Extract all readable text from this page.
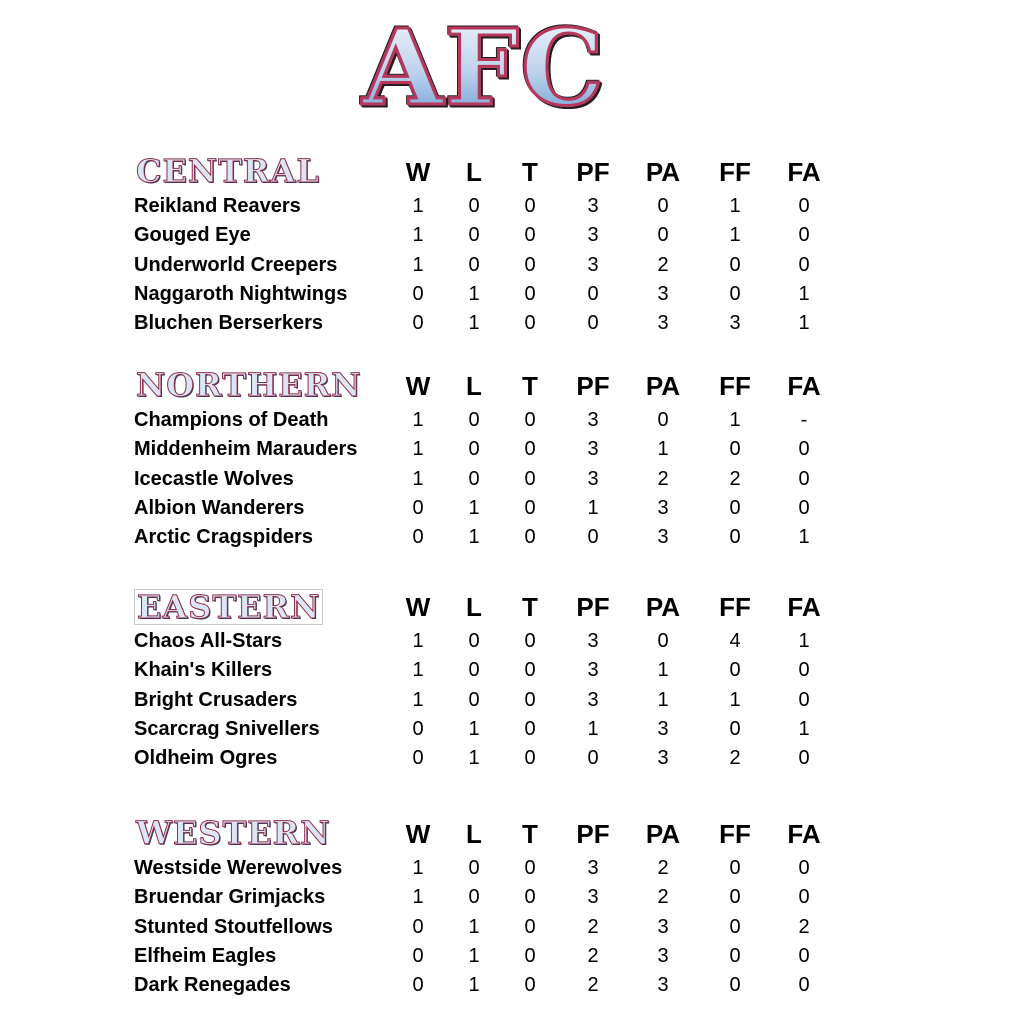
AFC
CENTRAL	W	L	T	PF	PA	FF	FA
Reikland Reavers	1	0	0	3	0	1	0
Gouged Eye	1	0	0	3	0	1	0
Underworld Creepers	1	0	0	3	2	0	0
Naggaroth Nightwings	0	1	0	0	3	0	1
Bluchen Berserkers	0	1	0	0	3	3	1
NORTHERN	W	L	T	PF	PA	FF	FA
Champions of Death	1	0	0	3	0	1	-
Middenheim Marauders	1	0	0	3	1	0	0
Icecastle Wolves	1	0	0	3	2	2	0
Albion Wanderers	0	1	0	1	3	0	0
Arctic Cragspiders	0	1	0	0	3	0	1
EASTERN	W	L	T	PF	PA	FF	FA
Chaos All-Stars	1	0	0	3	0	4	1
Khain's Killers	1	0	0	3	1	0	0
Bright Crusaders	1	0	0	3	1	1	0
Scarcrag Snivellers	0	1	0	1	3	0	1
Oldheim Ogres	0	1	0	0	3	2	0
WESTERN	W	L	T	PF	PA	FF	FA
Westside Werewolves	1	0	0	3	2	0	0
Bruendar Grimjacks	1	0	0	3	2	0	0
Stunted Stoutfellows	0	1	0	2	3	0	2
Elfheim Eagles	0	1	0	2	3	0	0
Dark Renegades	0	1	0	2	3	0	0
